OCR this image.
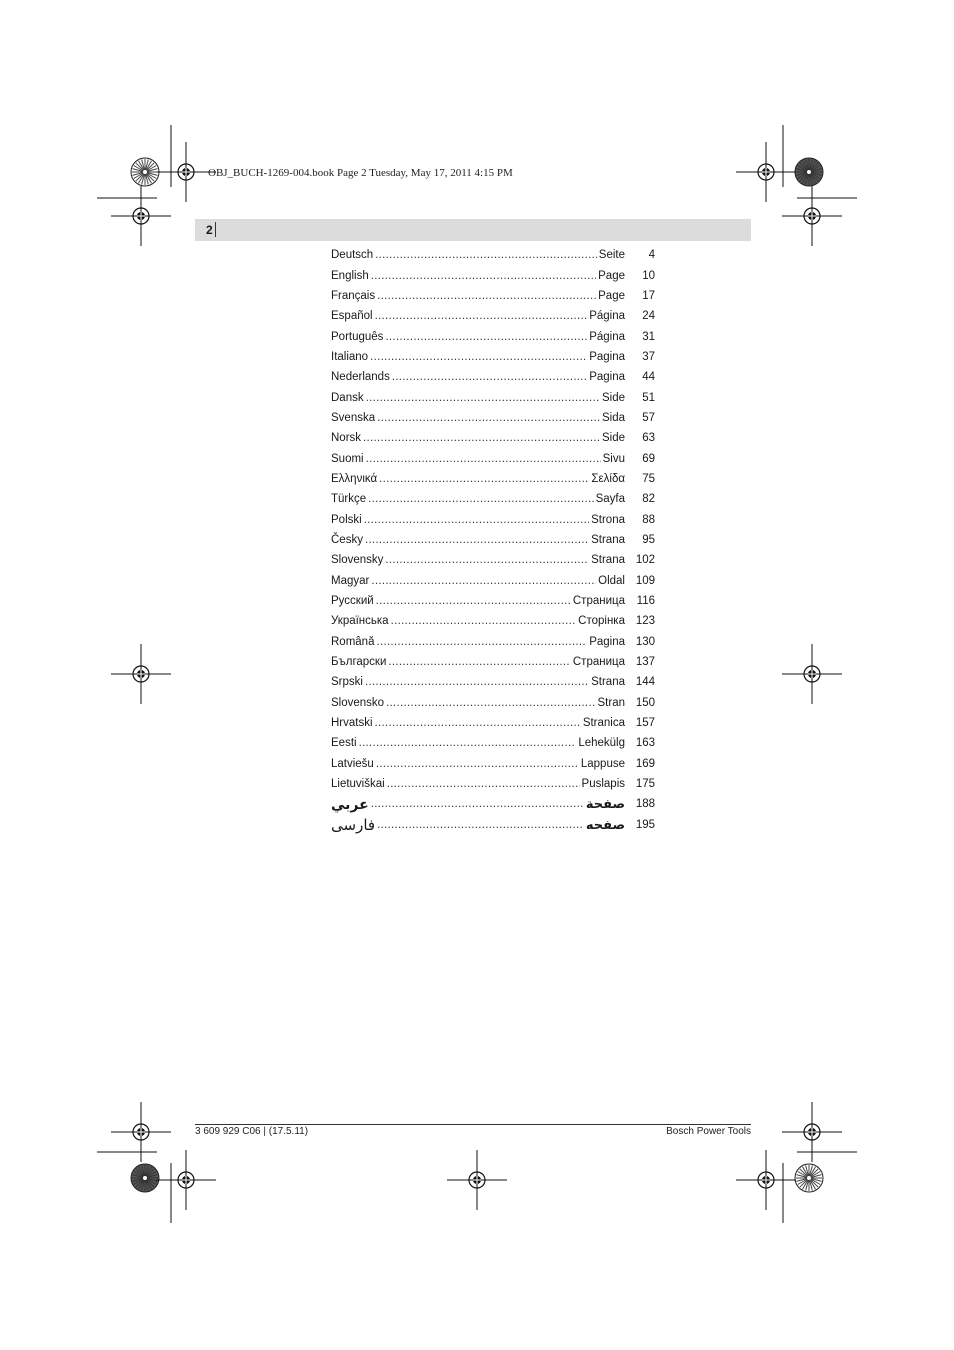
OBJ_BUCH-1269-004.book Page 2 Tuesday, May 17, 2011 4:15 PM
2
Deutsch . . .	Seite	4
English . . .	Page	10
Français . . .	Page	17
Español . . .	Página	24
Português . . .	Página	31
Italiano . . .	Pagina	37
Nederlands . . .	Pagina	44
Dansk . . .	Side	51
Svenska . . .	Sida	57
Norsk . . .	Side	63
Suomi . . .	Sivu	69
Ελληνικά . . .	Σελίδα	75
Türkçe . . .	Sayfa	82
Polski . . .	Strona	88
Česky . . .	Strana	95
Slovensky . . .	Strana 102
Magyar . . .	Oldal 109
Русский . . .	Страница	116
Українська . . .	Сторінка 123
Română . . .	Pagina 130
Български . . .	Страница 137
Srpski . . .	Strana 144
Slovensko . . .	Stran 150
Hrvatski . . .	Stranica 157
Eesti . . .	Lehekülg 163
Latviešu . . .	Lappuse 169
Lietuviškai . . .	Puslapis 175
عربي . . .	صفحة 188
فارسی . . .	صفحه 195
3 609 929 C06 | (17.5.11)	Bosch Power Tools
